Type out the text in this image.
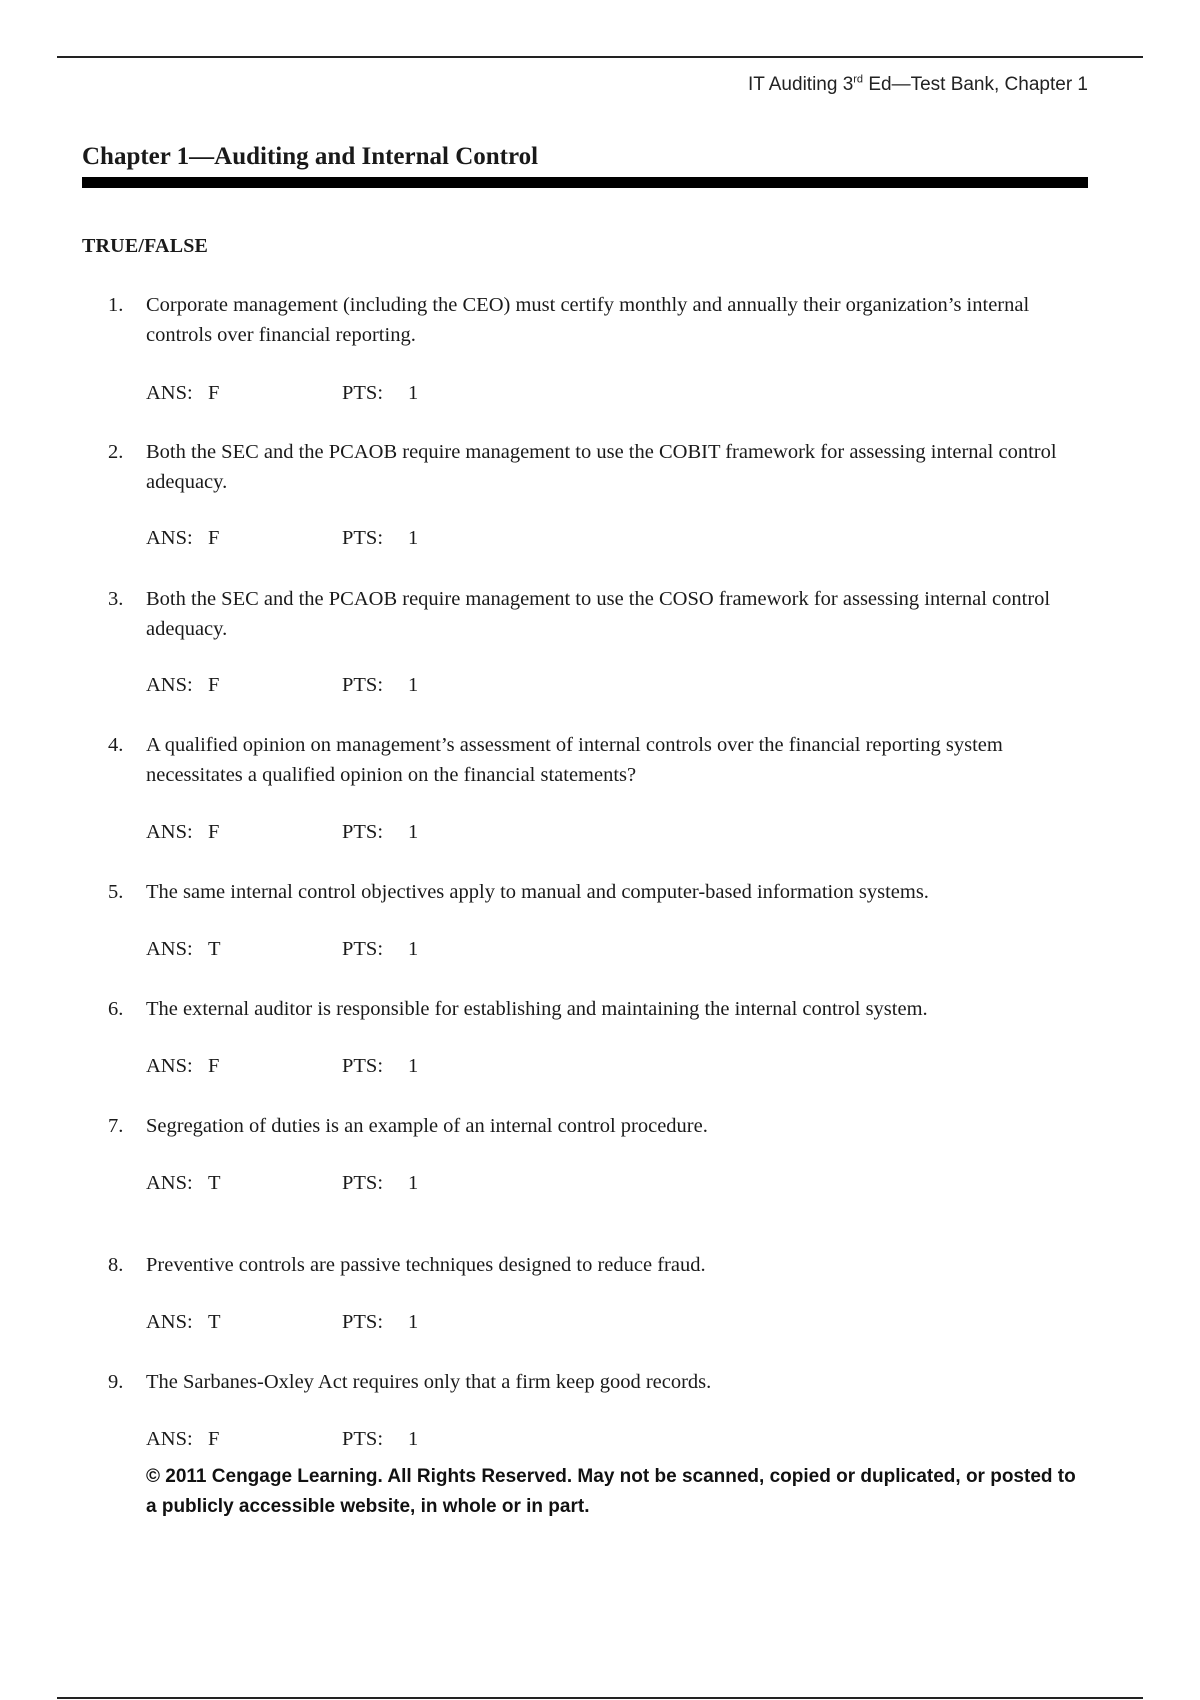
IT Auditing 3rd Ed—Test Bank, Chapter 1
Chapter 1—Auditing and Internal Control
TRUE/FALSE
1.	Corporate management (including the CEO) must certify monthly and annually their organization’s internal controls over financial reporting.
ANS: F	PTS: 1
2.	Both the SEC and the PCAOB require management to use the COBIT framework for assessing internal control adequacy.
ANS: F	PTS: 1
3.	Both the SEC and the PCAOB require management to use the COSO framework for assessing internal control adequacy.
ANS: F	PTS: 1
4.	A qualified opinion on management’s assessment of internal controls over the financial reporting system necessitates a qualified opinion on the financial statements?
ANS: F	PTS: 1
5.	The same internal control objectives apply to manual and computer-based information systems.
ANS: T	PTS: 1
6.	The external auditor is responsible for establishing and maintaining the internal control system.
ANS: F	PTS: 1
7.	Segregation of duties is an example of an internal control procedure.
ANS: T	PTS: 1
8.	Preventive controls are passive techniques designed to reduce fraud.
ANS: T	PTS: 1
9.	The Sarbanes-Oxley Act requires only that a firm keep good records.
ANS: F	PTS: 1
© 2011 Cengage Learning. All Rights Reserved. May not be scanned, copied or duplicated, or posted to a publicly accessible website, in whole or in part.
